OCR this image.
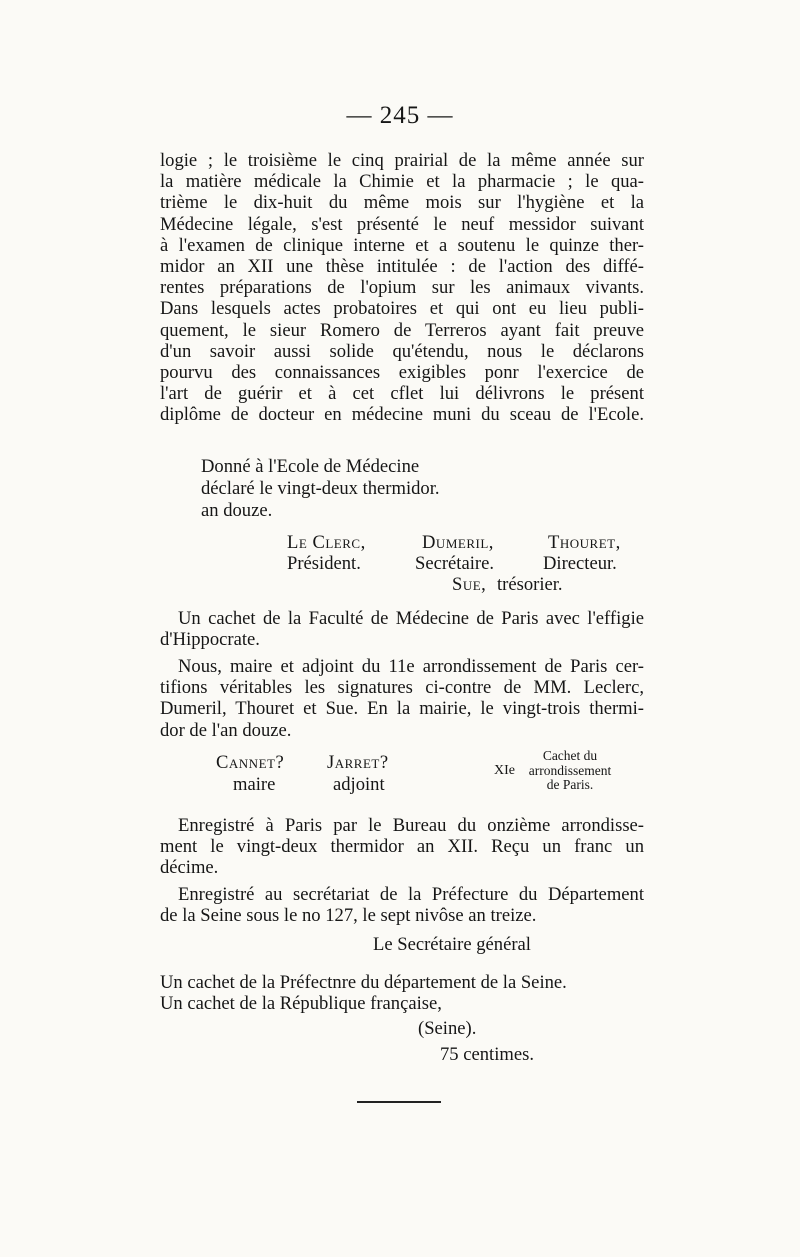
— 245 —
logie ; le troisième le cinq prairial de la même année sur
la matière médicale la Chimie et la pharmacie ; le qua-
trième le dix-huit du même mois sur l'hygiène et la
Médecine légale, s'est présenté le neuf messidor suivant
à l'examen de clinique interne et a soutenu le quinze ther-
midor an XII une thèse intitulée : de l'action des diffé-
rentes préparations de l'opium sur les animaux vivants.
Dans lesquels actes probatoires et qui ont eu lieu publi-
quement, le sieur Romero de Terreros ayant fait preuve
d'un savoir aussi solide qu'étendu, nous le déclarons
pourvu des connaissances exigibles ponr l'exercice de
l'art de guérir et à cet cflet lui délivrons le présent
diplôme de docteur en médecine muni du sceau de l'Ecole.
Donné à l'Ecole de Médecine
déclaré le vingt-deux thermidor.
an douze.
Le Clerc,
Président.
Dumeril,
Secrétaire.
Thouret,
Directeur.
Sue, trésorier.
Un cachet de la Faculté de Médecine de Paris avec l'effigie
d'Hippocrate.
Nous, maire et adjoint du 11e arrondissement de Paris cer-
tifions véritables les signatures ci-contre de MM. Leclerc,
Dumeril, Thouret et Sue. En la mairie, le vingt-trois thermi-
dor de l'an douze.
Cannet?
maire
Jarret?
adjoint
Cachet du
XIe	arrondissement
de Paris.
Enregistré à Paris par le Bureau du onzième arrondisse-
ment le vingt-deux thermidor an XII. Reçu un franc un
décime.
Enregistré au secrétariat de la Préfecture du Département
de la Seine sous le no 127, le sept nivôse an treize.
Le Secrétaire général
Un cachet de la Préfectnre du département de la Seine.
Un cachet de la République française,
(Seine).
75 centimes.
